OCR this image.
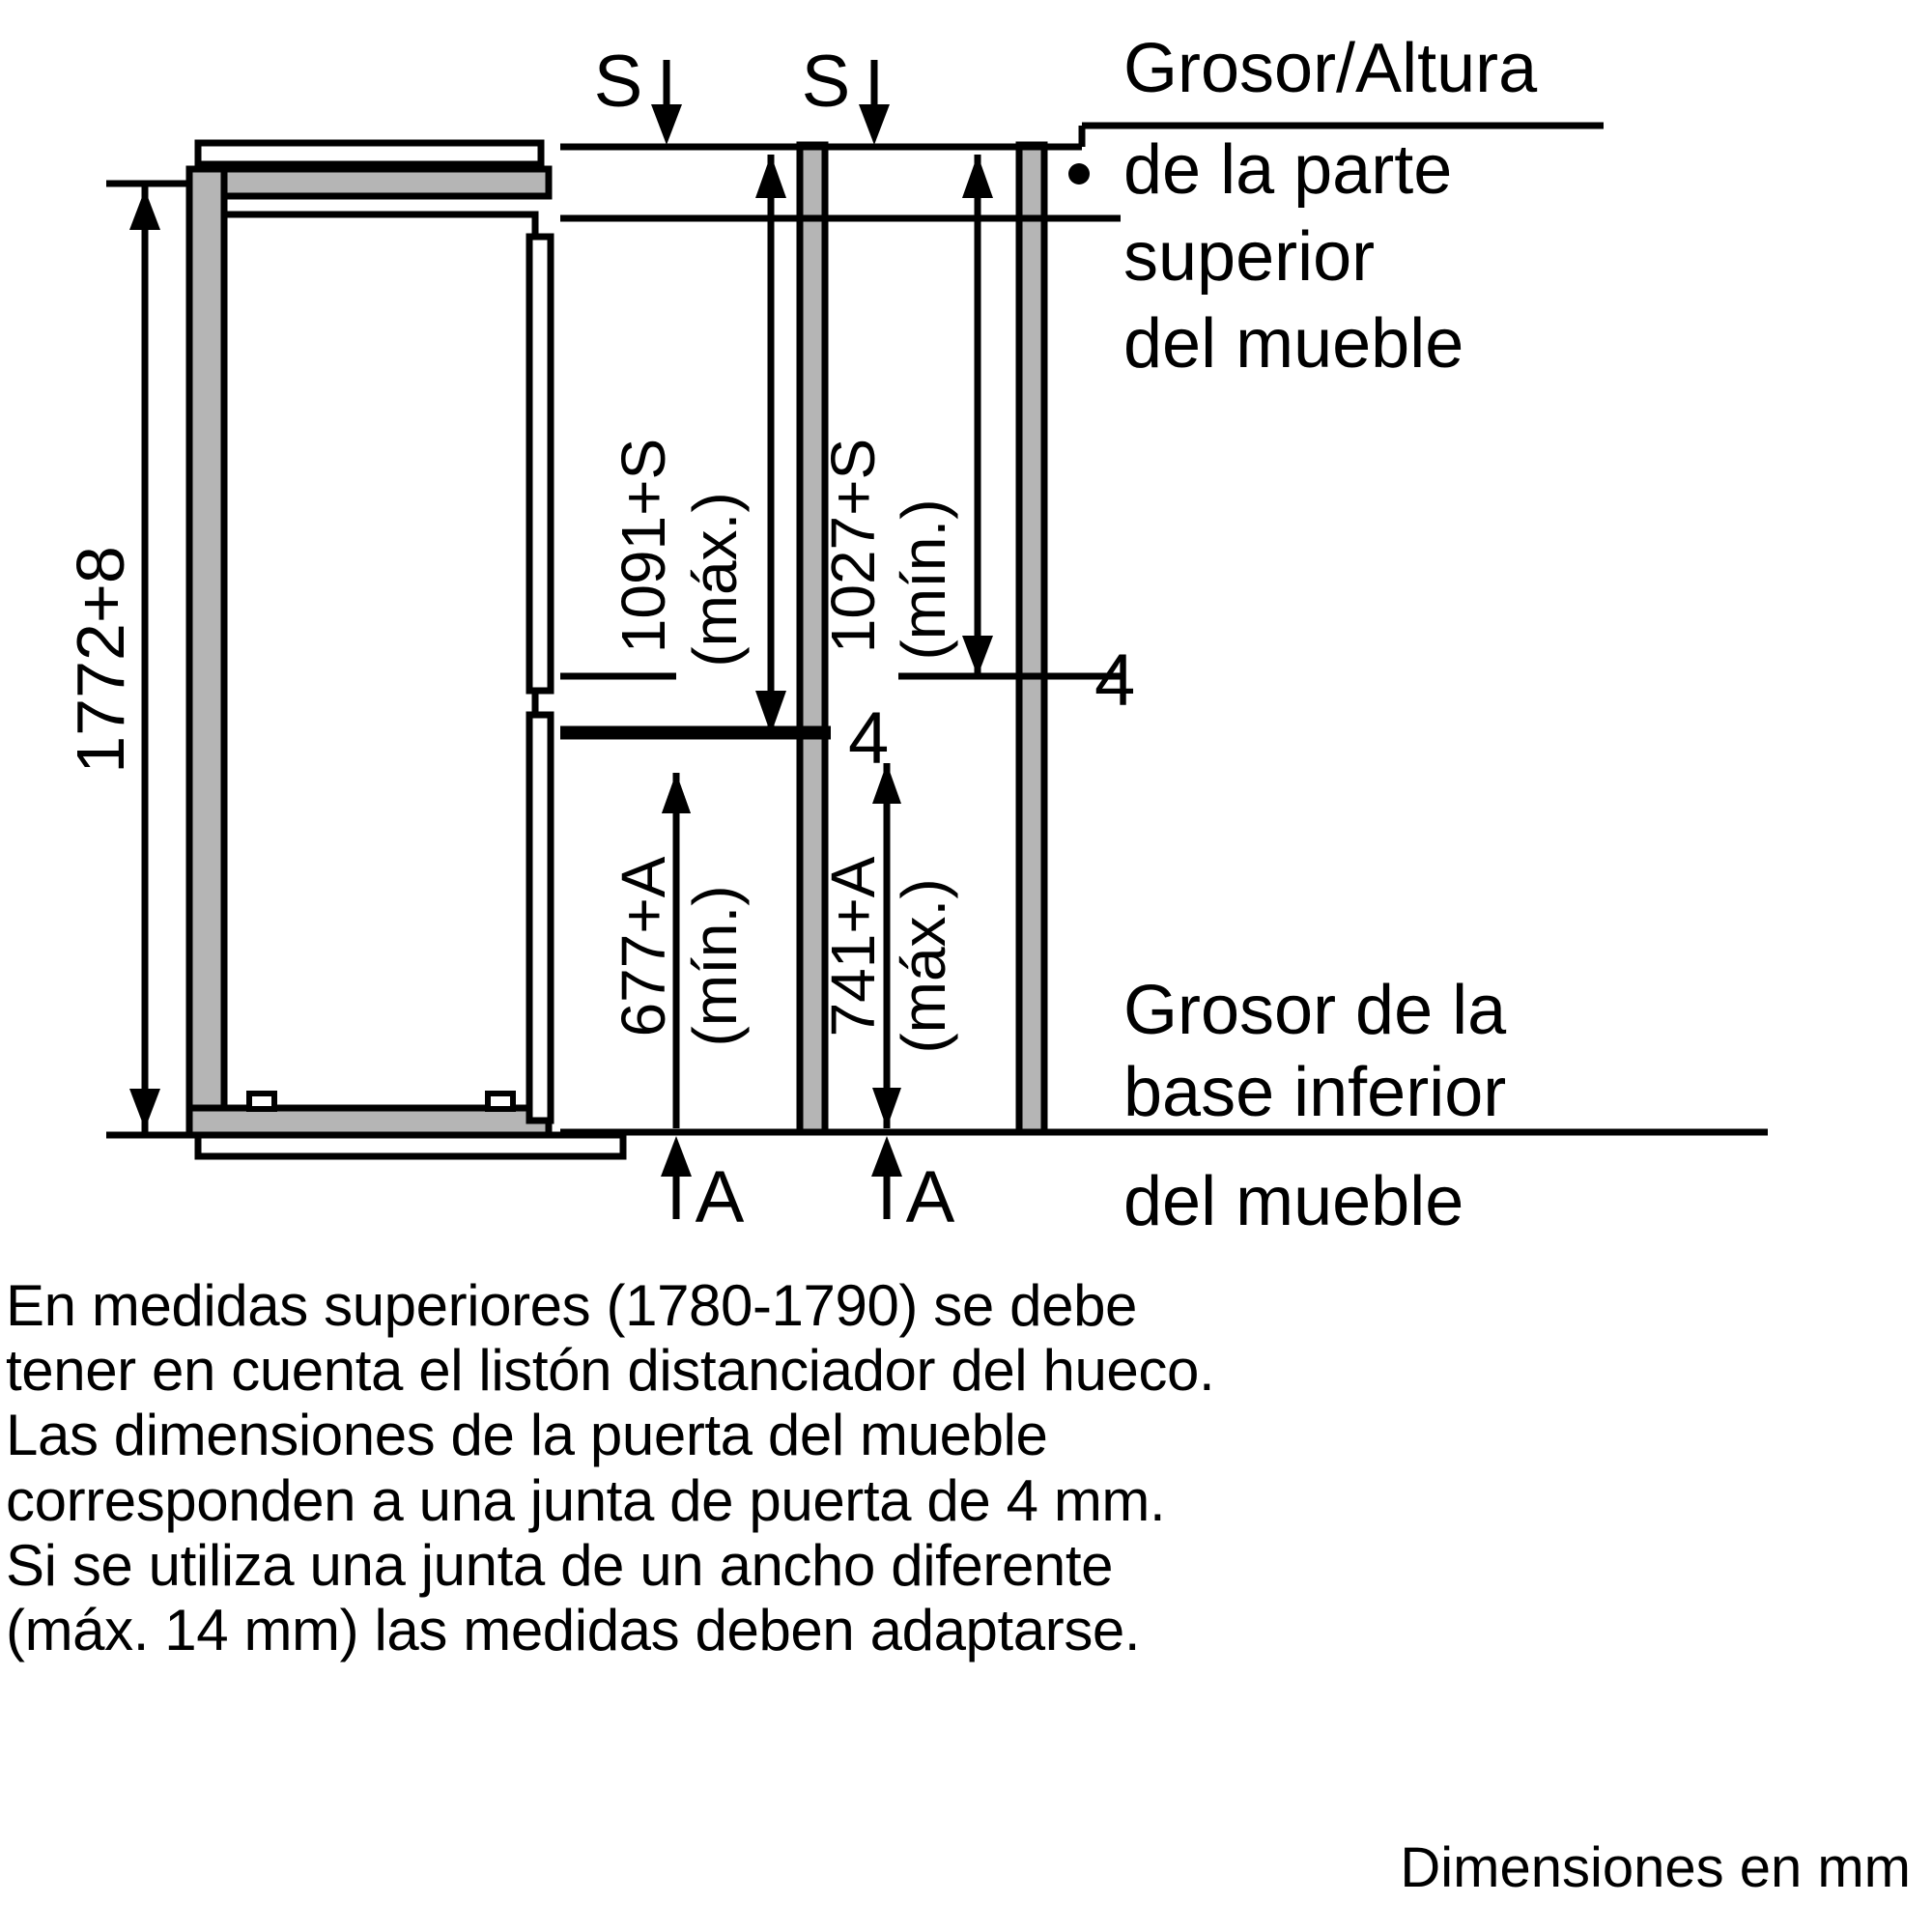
1772+8
S S
A A
1091+S (máx.) 1027+S (mín.)
4
4
677+A (mín.) 741+A (máx.)
Grosor/Altura
de la parte
superior
del mueble
Grosor de la
base inferior
del mueble

En medidas superiores (1780-1790) se debe

tener en cuenta el listón distanciador del hueco.

Las dimensiones de la puerta del mueble

corresponden a una junta de puerta de 4 mm.

Si se utiliza una junta de un ancho diferente

(máx. 14 mm) las medidas deben adaptarse.

Dimensiones en mm
